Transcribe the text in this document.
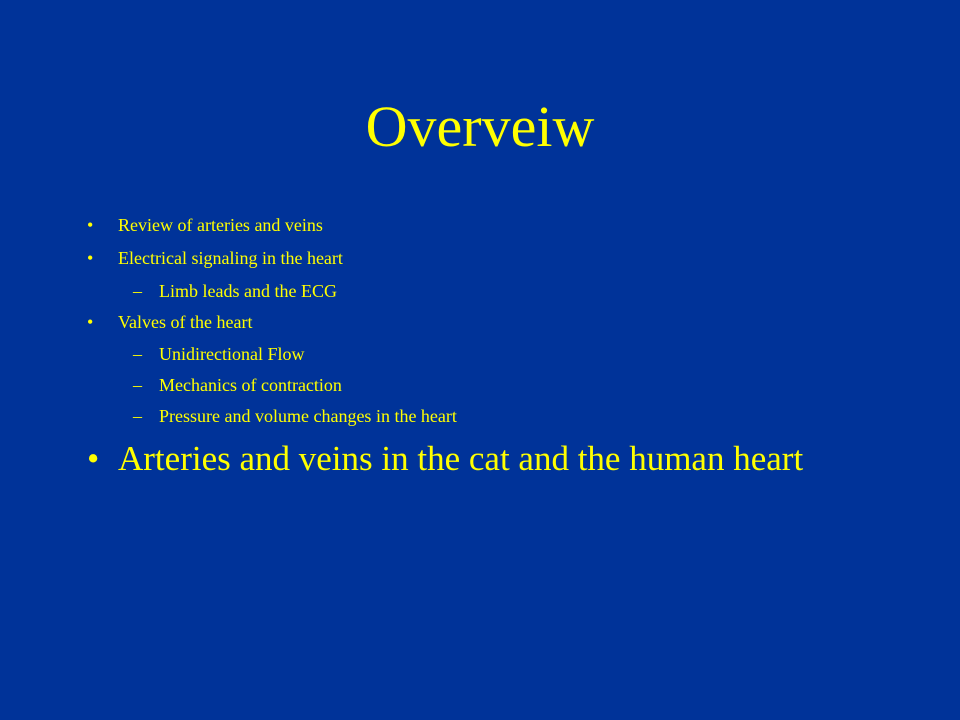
Overveiw
• Review of arteries and veins
• Electrical signaling in the heart
– Limb leads and the ECG
• Valves of the heart
– Unidirectional Flow
– Mechanics of contraction
– Pressure and volume changes in the heart
• Arteries and veins in the cat and the human heart
